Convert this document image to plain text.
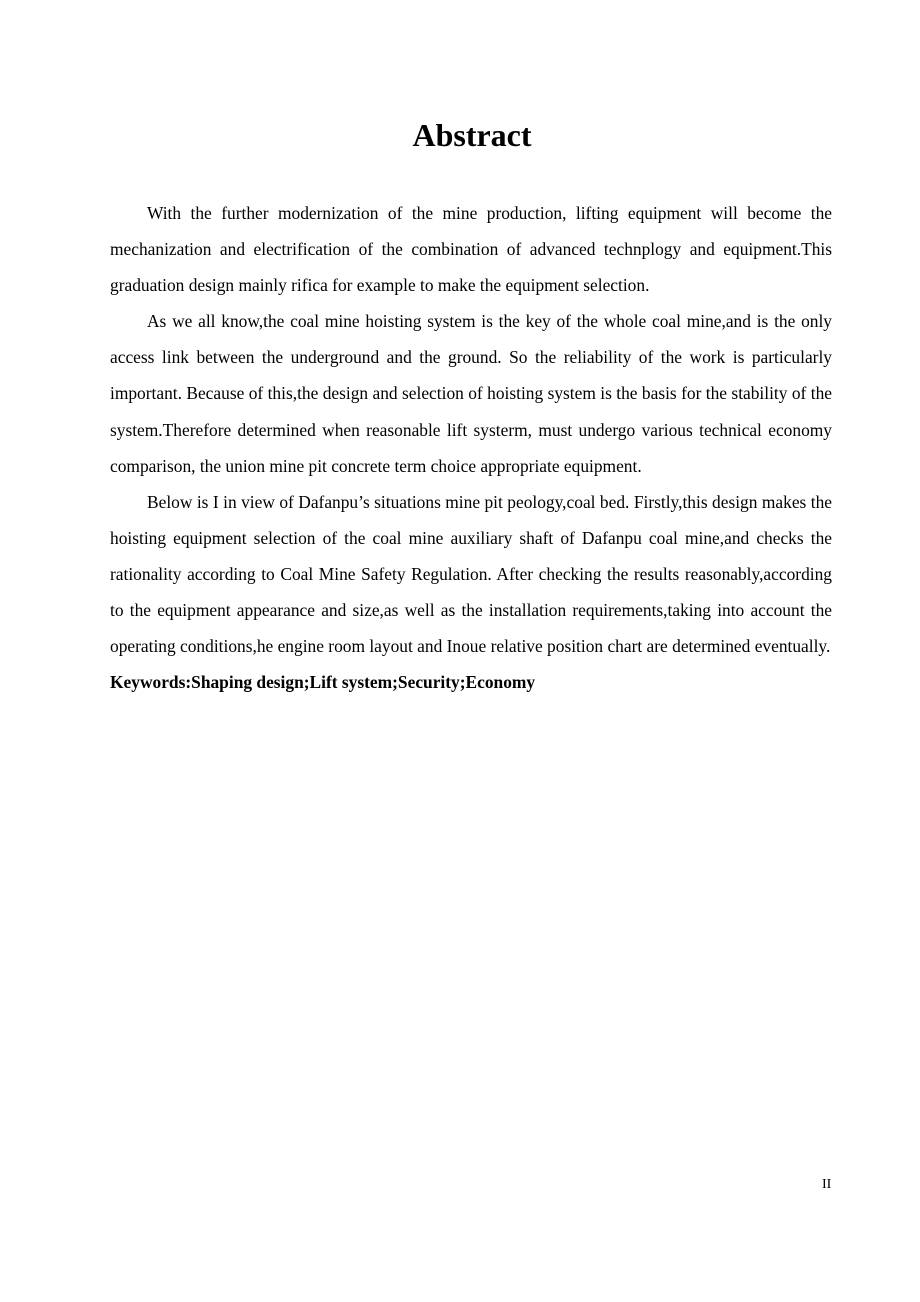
Abstract

With the further modernization of the mine production, lifting equipment will become the mechanization and electrification of the combination of advanced technplogy and equipment.This graduation design mainly rifica for example to make the equipment selection.

As we all know,the coal mine hoisting system is the key of the whole coal mine,and is the only access link between the underground and the ground. So the reliability of the work is particularly important. Because of this,the design and selection of hoisting system is the basis for the stability of the system.Therefore determined when reasonable lift systerm, must undergo various technical economy comparison, the union mine pit concrete term choice appropriate equipment.

Below is I in view of Dafanpu’s situations mine pit peology,coal bed. Firstly,this design makes the hoisting equipment selection of the coal mine auxiliary shaft of Dafanpu coal mine,and checks the rationality according to Coal Mine Safety Regulation. After checking the results reasonably,according to the equipment appearance and size,as well as the installation requirements,taking into account the operating conditions,he engine room layout and Inoue relative position chart are determined eventually.

Keywords:Shaping design;Lift system;Security;Economy

II
